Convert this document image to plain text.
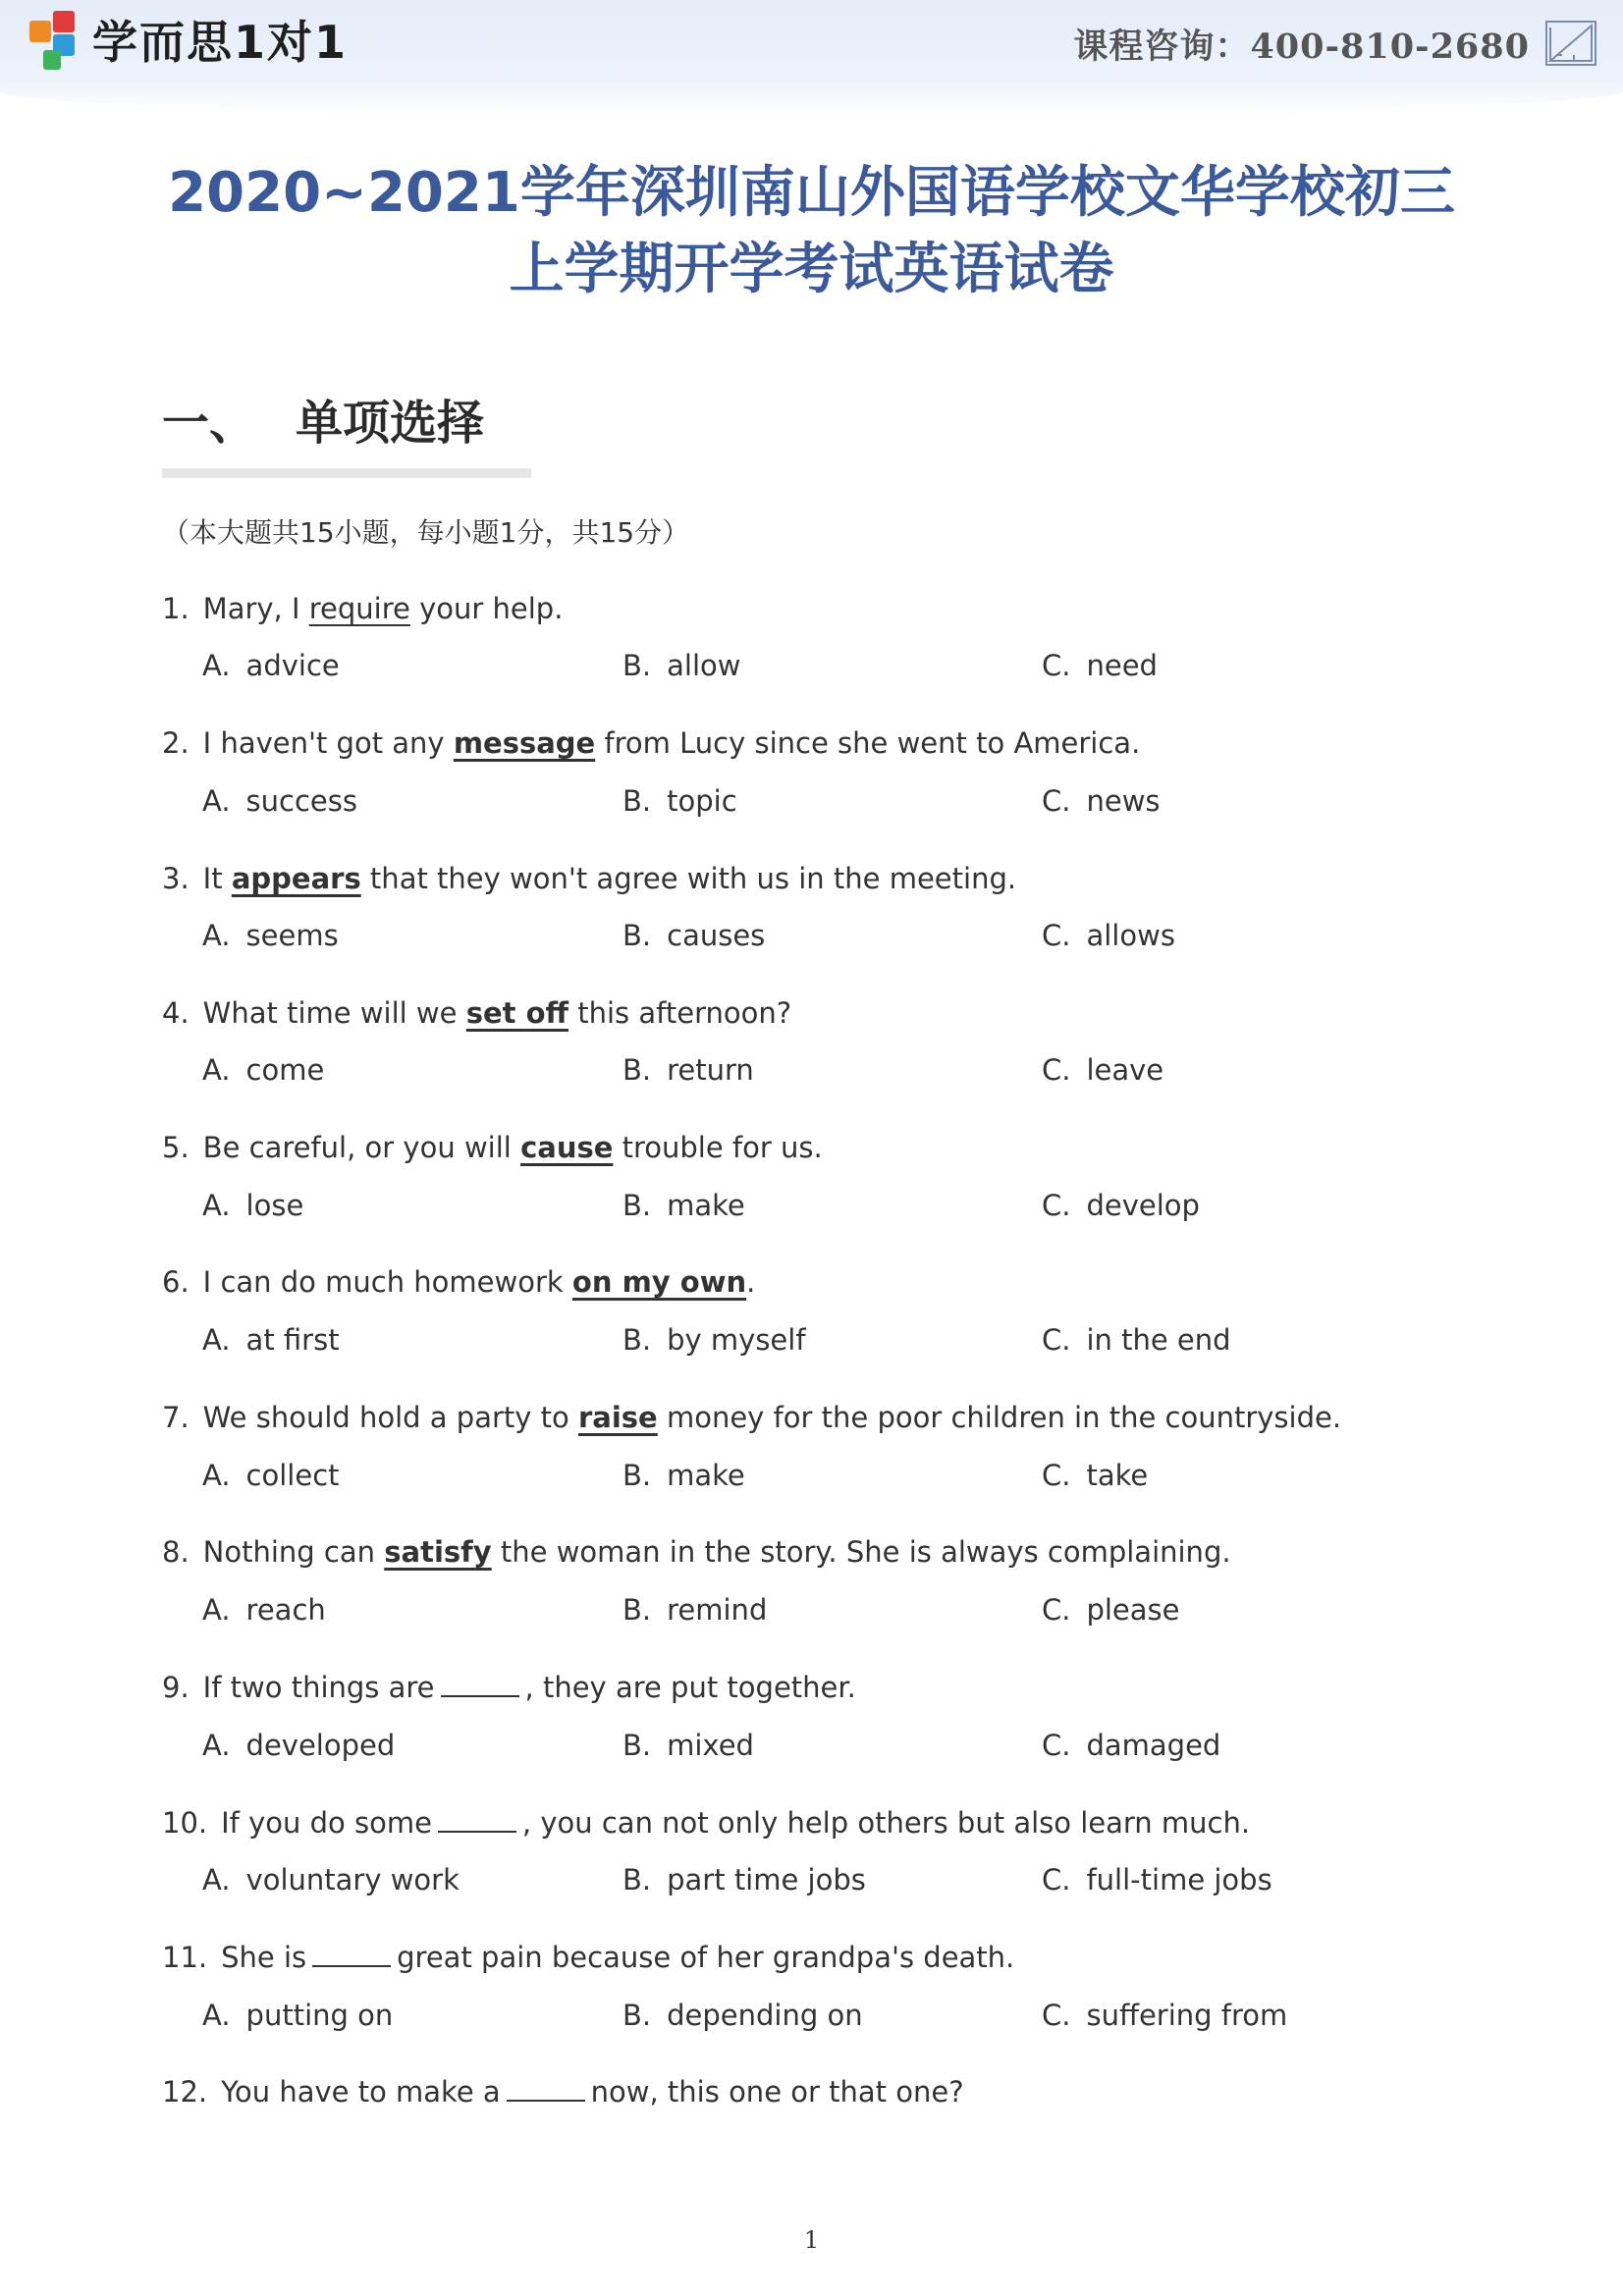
学而思1对1	课程咨询：400-810-2680
2020~2021学年深圳南山外国语学校文华学校初三
上学期开学考试英语试卷
一、 单项选择
（本大题共15小题，每小题1分，共15分）
1. Mary, I require your help.
A. advice	B. allow	C. need
2. I haven't got any message from Lucy since she went to America.
A. success	B. topic	C. news
3. It appears that they won't agree with us in the meeting.
A. seems	B. causes	C. allows
4. What time will we set off this afternoon?
A. come	B. return	C. leave
5. Be careful, or you will cause trouble for us.
A. lose	B. make	C. develop
6. I can do much homework on my own.
A. at first	B. by myself	C. in the end
7. We should hold a party to raise money for the poor children in the countryside.
A. collect	B. make	C. take
8. Nothing can satisfy the woman in the story. She is always complaining.
A. reach	B. remind	C. please
9. If two things are	, they are put together.
A. developed	B. mixed	C. damaged
10. If you do some	, you can not only help others but also learn much.
A. voluntary work	B. part time jobs	C. full-time jobs
11. She is	great pain because of her grandpa's death.
A. putting on	B. depending on	C. suffering from
12. You have to make a	now, this one or that one?
1
